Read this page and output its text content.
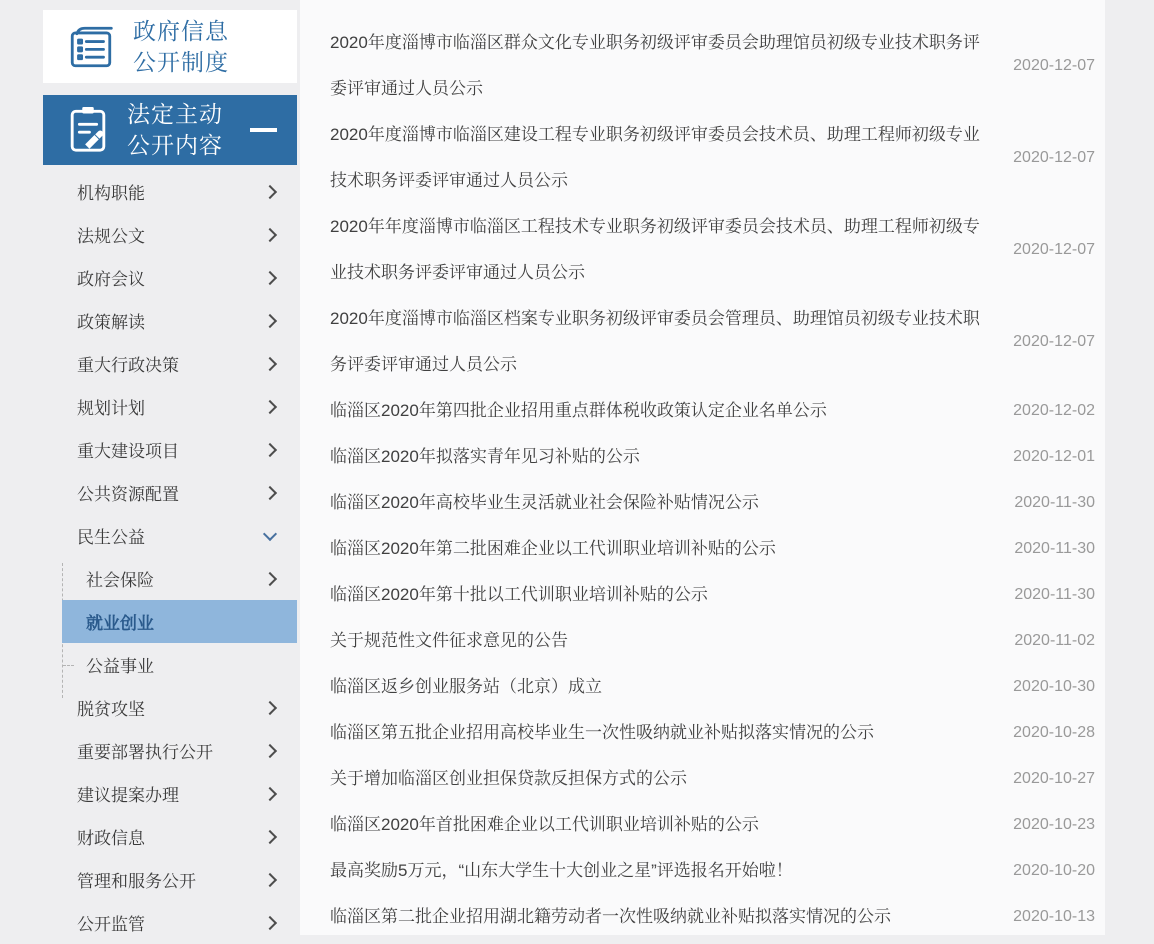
政府信息
公开制度
法定主动
公开内容
机构职能
法规公文
政府会议
政策解读
重大行政决策
规划计划
重大建设项目
公共资源配置
民生公益
社会保险
就业创业
公益事业
脱贫攻坚
重要部署执行公开
建议提案办理
财政信息
管理和服务公开
公开监管
2020年度淄博市临淄区群众文化专业职务初级评审委员会助理馆员初级专业技术职务评委评审通过人员公示
2020-12-07
2020年度淄博市临淄区建设工程专业职务初级评审委员会技术员、助理工程师初级专业技术职务评委评审通过人员公示
2020-12-07
2020年年度淄博市临淄区工程技术专业职务初级评审委员会技术员、助理工程师初级专业技术职务评委评审通过人员公示
2020-12-07
2020年度淄博市临淄区档案专业职务初级评审委员会管理员、助理馆员初级专业技术职务评委评审通过人员公示
2020-12-07
临淄区2020年第四批企业招用重点群体税收政策认定企业名单公示	2020-12-02
临淄区2020年拟落实青年见习补贴的公示	2020-12-01
临淄区2020年高校毕业生灵活就业社会保险补贴情况公示	2020-11-30
临淄区2020年第二批困难企业以工代训职业培训补贴的公示	2020-11-30
临淄区2020年第十批以工代训职业培训补贴的公示	2020-11-30
关于规范性文件征求意见的公告	2020-11-02
临淄区返乡创业服务站（北京）成立	2020-10-30
临淄区第五批企业招用高校毕业生一次性吸纳就业补贴拟落实情况的公示	2020-10-28
关于增加临淄区创业担保贷款反担保方式的公示	2020-10-27
临淄区2020年首批困难企业以工代训职业培训补贴的公示	2020-10-23
最高奖励5万元，“山东大学生十大创业之星”评选报名开始啦！	2020-10-20
临淄区第二批企业招用湖北籍劳动者一次性吸纳就业补贴拟落实情况的公示	2020-10-13
